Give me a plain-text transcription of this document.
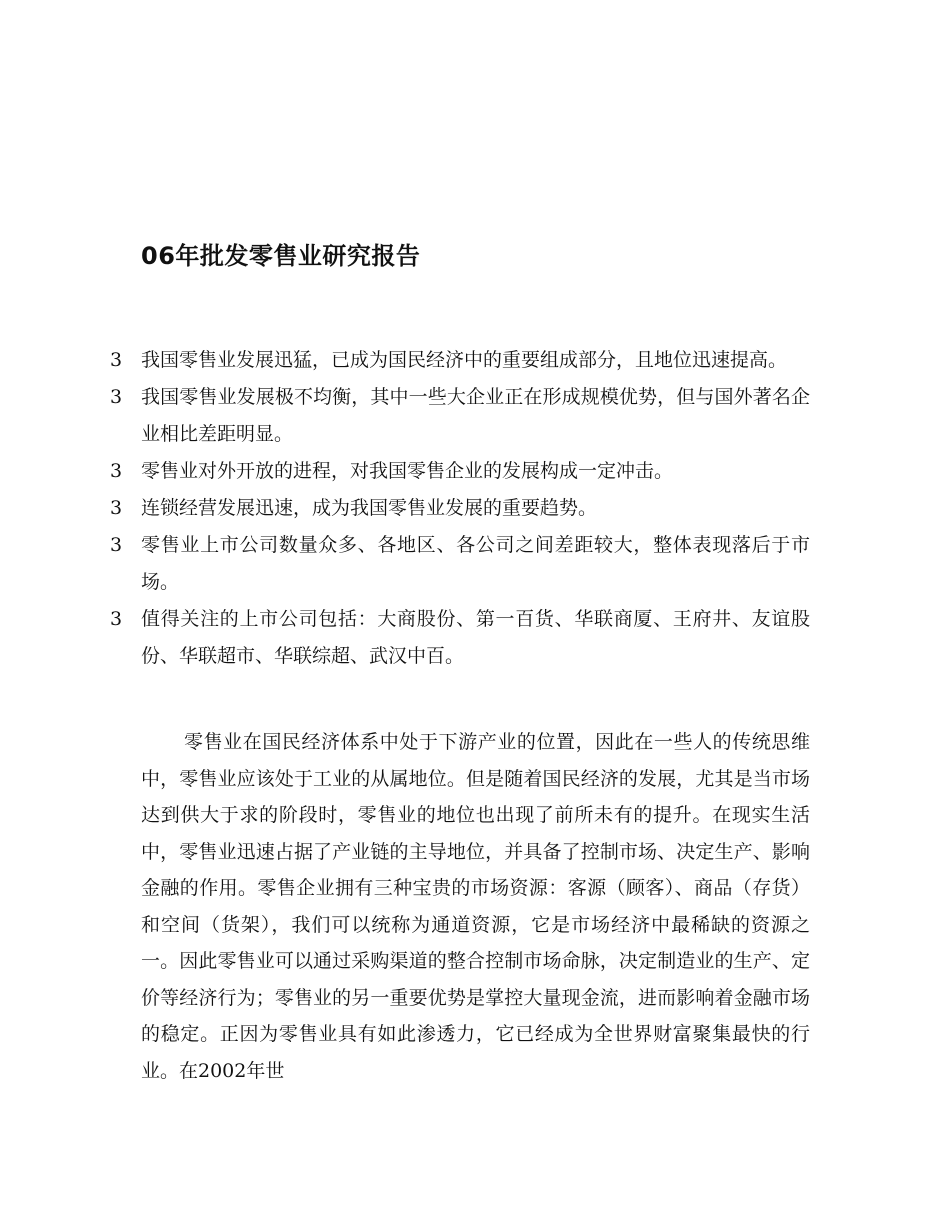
06年批发零售业研究报告
3 我国零售业发展迅猛，已成为国民经济中的重要组成部分，且地位迅速提高。
3 我国零售业发展极不均衡，其中一些大企业正在形成规模优势，但与国外著名企业相比差距明显。
3 零售业对外开放的进程，对我国零售企业的发展构成一定冲击。
3 连锁经营发展迅速，成为我国零售业发展的重要趋势。
3 零售业上市公司数量众多、各地区、各公司之间差距较大，整体表现落后于市场。
3 值得关注的上市公司包括：大商股份、第一百货、华联商厦、王府井、友谊股份、华联超市、华联综超、武汉中百。

零售业在国民经济体系中处于下游产业的位置，因此在一些人的传统思维中，零售业应该处于工业的从属地位。但是随着国民经济的发展，尤其是当市场达到供大于求的阶段时，零售业的地位也出现了前所未有的提升。在现实生活中，零售业迅速占据了产业链的主导地位，并具备了控制市场、决定生产、影响金融的作用。零售企业拥有三种宝贵的市场资源：客源（顾客）、商品（存货）和空间（货架），我们可以统称为通道资源，它是市场经济中最稀缺的资源之一。因此零售业可以通过采购渠道的整合控制市场命脉，决定制造业的生产、定价等经济行为；零售业的另一重要优势是掌控大量现金流，进而影响着金融市场的稳定。正因为零售业具有如此渗透力，它已经成为全世界财富聚集最快的行业。在2002年世
